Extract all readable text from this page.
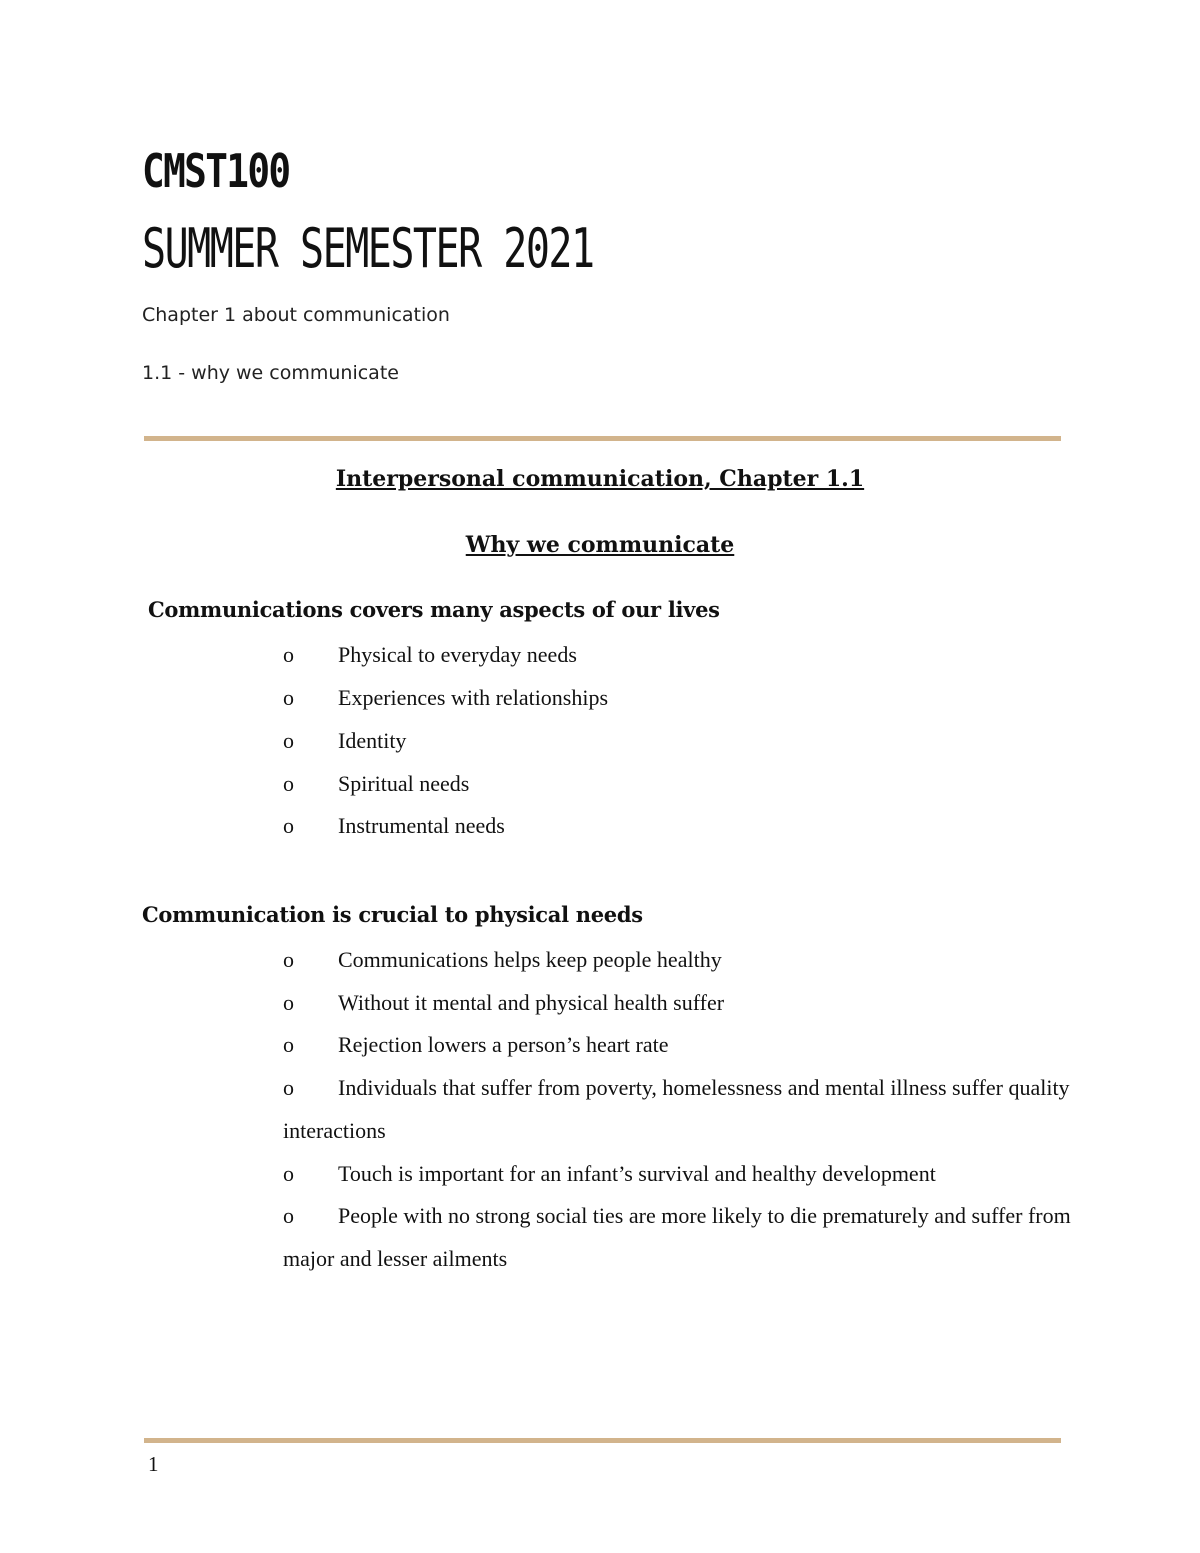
CMST100
SUMMER SEMESTER 2021

Chapter 1 about communication

1.1 - why we communicate

Interpersonal communication, Chapter 1.1
Why we communicate

Communications covers many aspects of our lives

o	Physical to everyday needs
o	Experiences with relationships
o	Identity
o	Spiritual needs
o	Instrumental needs

Communication is crucial to physical needs

o	Communications helps keep people healthy
o	Without it mental and physical health suffer
o	Rejection lowers a person’s heart rate
o	Individuals that suffer from poverty, homelessness and mental illness suffer quality interactions
o	Touch is important for an infant’s survival and healthy development
o	People with no strong social ties are more likely to die prematurely and suffer from major and lesser ailments

1
